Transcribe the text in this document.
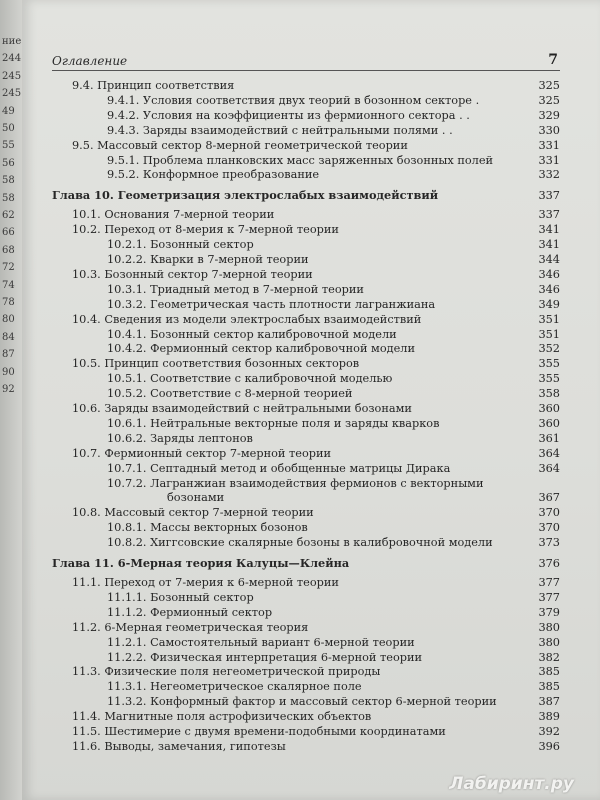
ние
244
245
245
49
50
55
56
58
58
62
66
68
72
74
78
80
84
87
90
92
Оглавление	7
9.4. Принцип соответствия	325
9.4.1. Условия соответствия двух теорий в бозонном секторе .	325
9.4.2. Условия на коэффициенты из фермионного сектора . .	329
9.4.3. Заряды взаимодействий с нейтральными полями . .	330
9.5. Массовый сектор 8-мерной геометрической теории	331
9.5.1. Проблема планковских масс заряженных бозонных полей	331
9.5.2. Конформное преобразование	332
Глава 10. Геометризация электрослабых взаимодействий	337
10.1. Основания 7-мерной теории	337
10.2. Переход от 8-мерия к 7-мерной теории	341
10.2.1. Бозонный сектор	341
10.2.2. Кварки в 7-мерной теории	344
10.3. Бозонный сектор 7-мерной теории	346
10.3.1. Триадный метод в 7-мерной теории	346
10.3.2. Геометрическая часть плотности лагранжиана	349
10.4. Сведения из модели электрослабых взаимодействий	351
10.4.1. Бозонный сектор калибровочной модели	351
10.4.2. Фермионный сектор калибровочной модели	352
10.5. Принцип соответствия бозонных секторов	355
10.5.1. Соответствие с калибровочной моделью	355
10.5.2. Соответствие с 8-мерной теорией	358
10.6. Заряды взаимодействий с нейтральными бозонами	360
10.6.1. Нейтральные векторные поля и заряды кварков	360
10.6.2. Заряды лептонов	361
10.7. Фермионный сектор 7-мерной теории	364
10.7.1. Септадный метод и обобщенные матрицы Дирака	364
10.7.2. Лагранжиан взаимодействия фермионов с векторными
бозонами	367
10.8. Массовый сектор 7-мерной теории	370
10.8.1. Массы векторных бозонов	370
10.8.2. Хиггсовские скалярные бозоны в калибровочной модели	373
Глава 11. 6-Мерная теория Калуцы—Клейна	376
11.1. Переход от 7-мерия к 6-мерной теории	377
11.1.1. Бозонный сектор	377
11.1.2. Фермионный сектор	379
11.2. 6-Мерная геометрическая теория	380
11.2.1. Самостоятельный вариант 6-мерной теории	380
11.2.2. Физическая интерпретация 6-мерной теории	382
11.3. Физические поля негеометрической природы	385
11.3.1. Негеометрическое скалярное поле	385
11.3.2. Конформный фактор и массовый сектор 6-мерной теории	387
11.4. Магнитные поля астрофизических объектов	389
11.5. Шестимерие с двумя времени-подобными координатами	392
11.6. Выводы, замечания, гипотезы	396
Лабиринт.ру
